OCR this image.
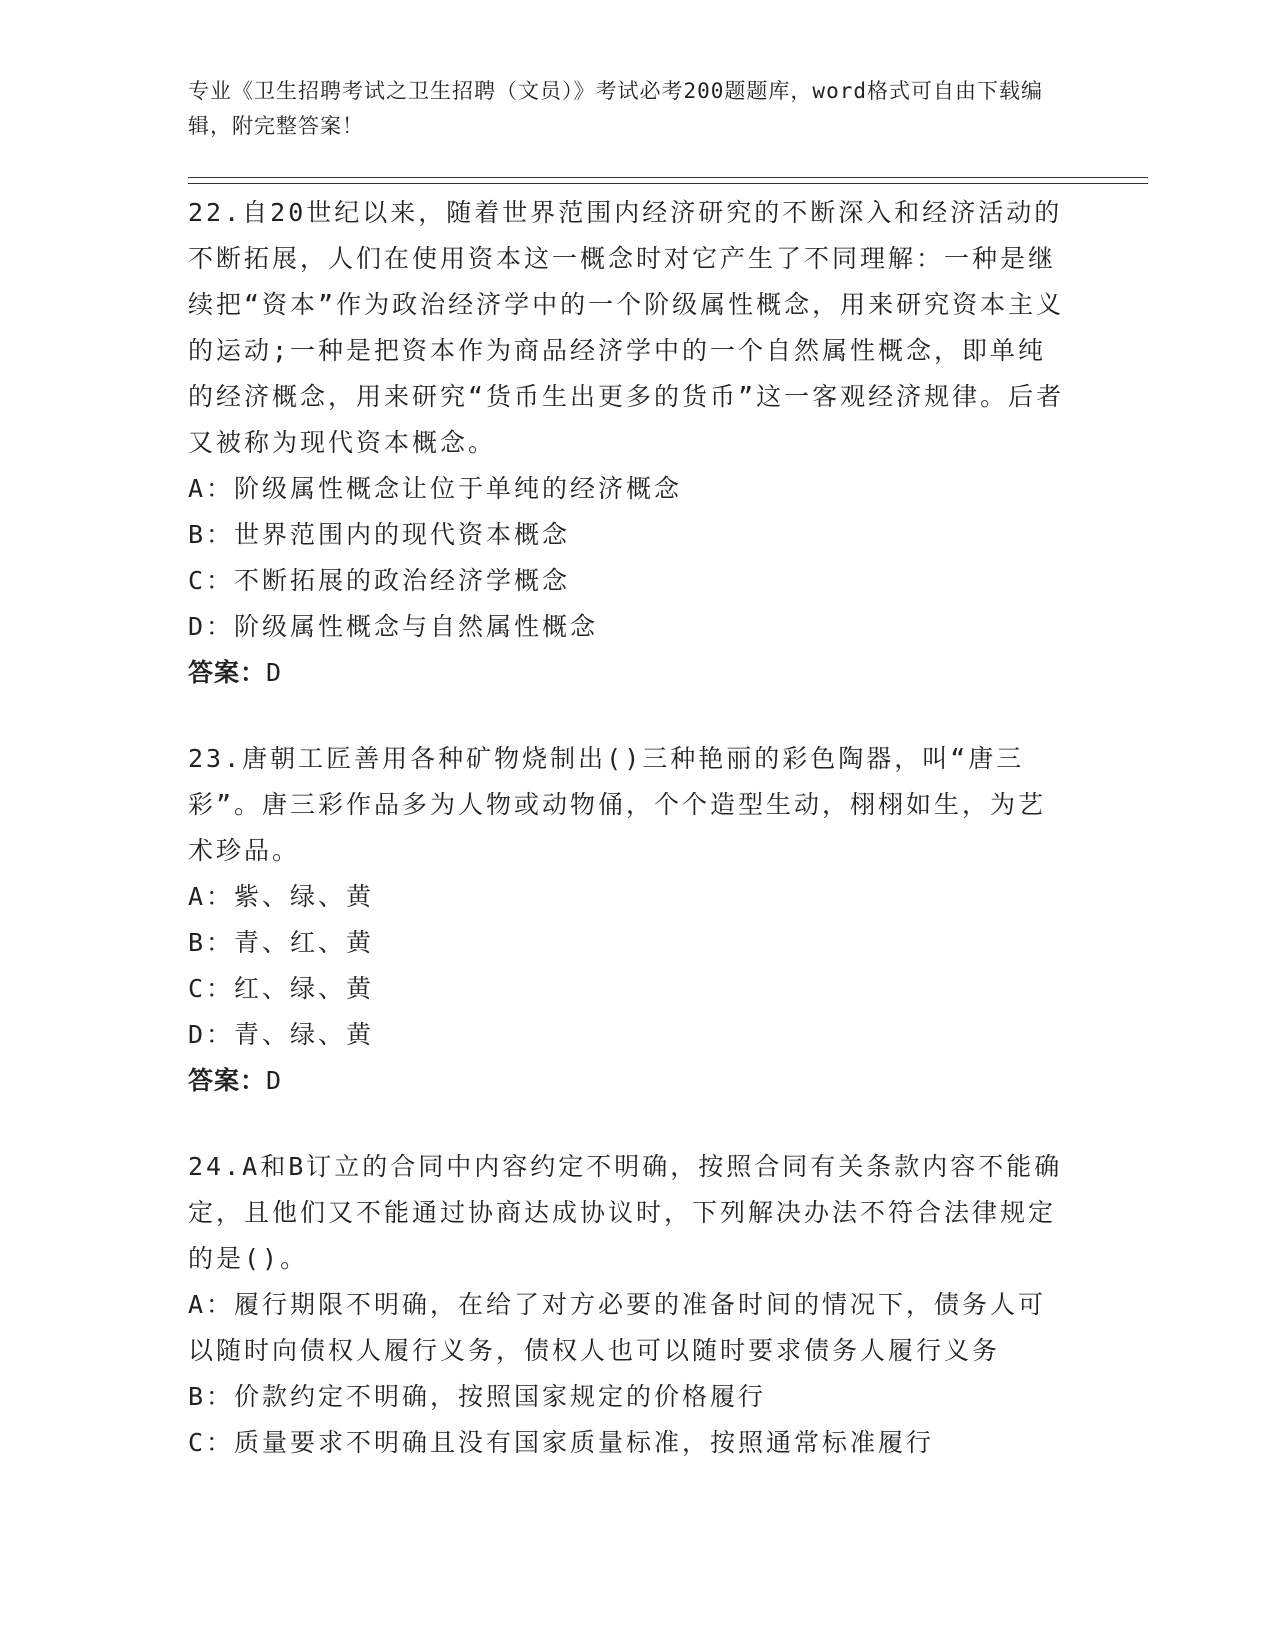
专业《卫生招聘考试之卫生招聘（文员）》考试必考200题题库，word格式可自由下载编辑，附完整答案！

22.自20世纪以来，随着世界范围内经济研究的不断深入和经济活动的不断拓展，人们在使用资本这一概念时对它产生了不同理解：一种是继续把“资本”作为政治经济学中的一个阶级属性概念，用来研究资本主义的运动;一种是把资本作为商品经济学中的一个自然属性概念，即单纯的经济概念，用来研究“货币生出更多的货币”这一客观经济规律。后者又被称为现代资本概念。

A：阶级属性概念让位于单纯的经济概念

B：世界范围内的现代资本概念

C：不断拓展的政治经济学概念

D：阶级属性概念与自然属性概念

答案：D

23.唐朝工匠善用各种矿物烧制出()三种艳丽的彩色陶器，叫“唐三彩”。唐三彩作品多为人物或动物俑，个个造型生动，栩栩如生，为艺术珍品。

A：紫、绿、黄

B：青、红、黄

C：红、绿、黄

D：青、绿、黄

答案：D

24.A和B订立的合同中内容约定不明确，按照合同有关条款内容不能确定，且他们又不能通过协商达成协议时，下列解决办法不符合法律规定的是()。

A：履行期限不明确，在给了对方必要的准备时间的情况下，债务人可以随时向债权人履行义务，债权人也可以随时要求债务人履行义务

B：价款约定不明确，按照国家规定的价格履行

C：质量要求不明确且没有国家质量标准，按照通常标准履行
